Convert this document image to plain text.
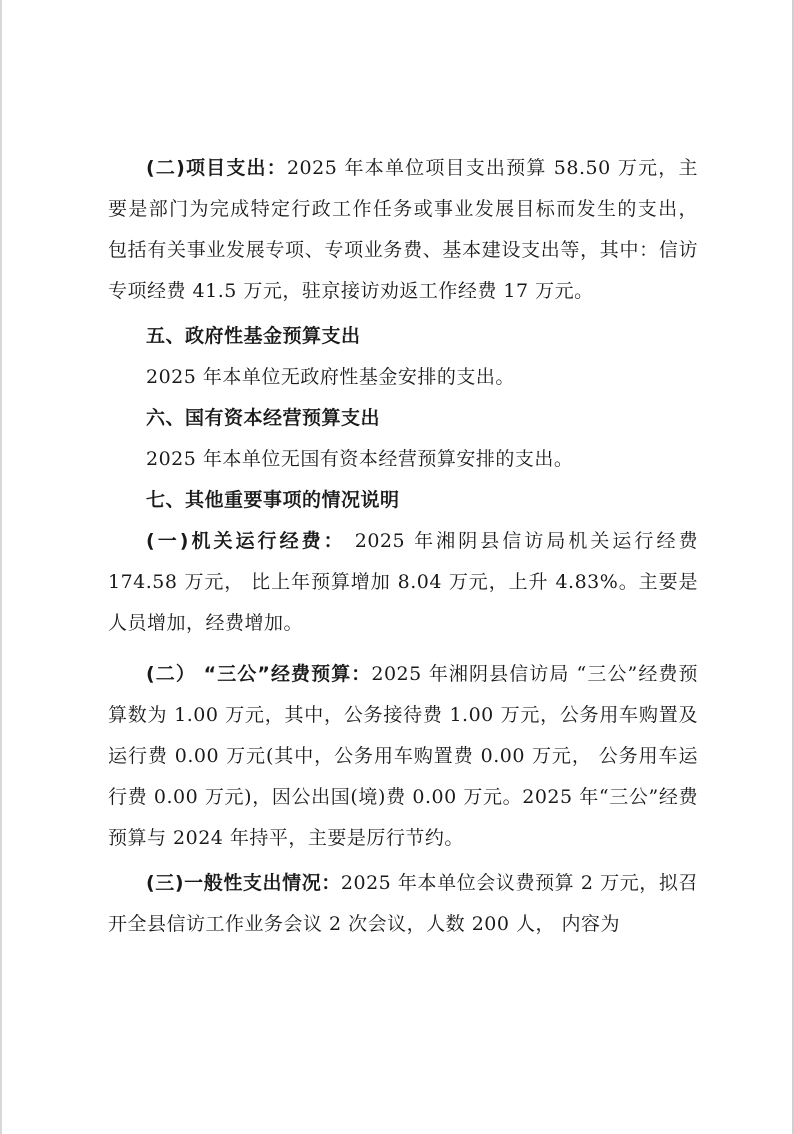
(二)项目支出：2025 年本单位项目支出预算 58.50 万元，主要是部门为完成特定行政工作任务或事业发展目标而发生的支出， 包括有关事业发展专项、专项业务费、基本建设支出等，其中：信访专项经费 41.5 万元，驻京接访劝返工作经费 17 万元。

五、政府性基金预算支出

2025 年本单位无政府性基金安排的支出。

六、国有资本经营预算支出

2025 年本单位无国有资本经营预算安排的支出。

七、其他重要事项的情况说明

(一)机关运行经费： 2025 年湘阴县信访局机关运行经费 174.58 万元， 比上年预算增加 8.04 万元，上升 4.83%。主要是人员增加，经费增加。

(二） “三公”经费预算：2025 年湘阴县信访局 “三公”经费预算数为 1.00 万元，其中，公务接待费 1.00 万元，公务用车购置及运行费 0.00 万元(其中，公务用车购置费 0.00 万元， 公务用车运行费 0.00 万元)，因公出国(境)费 0.00 万元。2025 年“三公”经费预算与 2024 年持平，主要是厉行节约。

(三)一般性支出情况：2025 年本单位会议费预算 2 万元，拟召开全县信访工作业务会议 2 次会议，人数 200 人， 内容为
